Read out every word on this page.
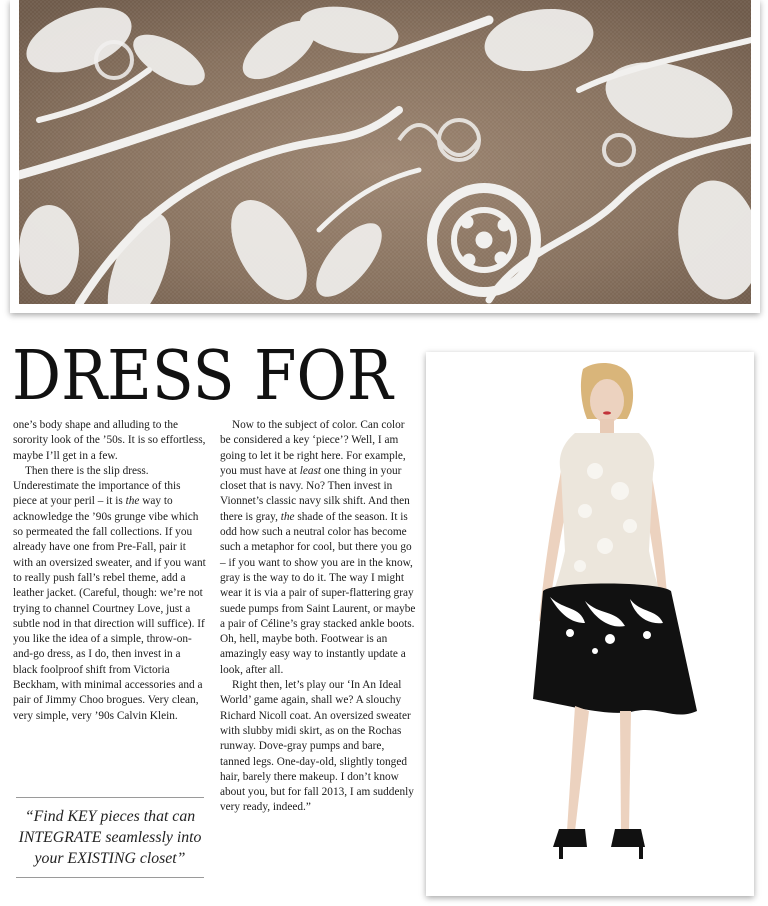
DRESS FOR

one’s body shape and alluding to the sorority look of the ’50s. It is so effortless, maybe I’ll get in a few.

Then there is the slip dress. Underestimate the importance of this piece at your peril – it is the way to acknowledge the ’90s grunge vibe which so permeated the fall collections. If you already have one from Pre-Fall, pair it with an oversized sweater, and if you want to really push fall’s rebel theme, add a leather jacket. (Careful, though: we’re not trying to channel Courtney Love, just a subtle nod in that direction will suffice). If you like the idea of a simple, throw-on-and-go dress, as I do, then invest in a black foolproof shift from Victoria Beckham, with minimal accessories and a pair of Jimmy Choo brogues. Very clean, very simple, very ’90s Calvin Klein.

“Find KEY pieces that can INTEGRATE seamlessly into your EXISTING closet”

Now to the subject of color. Can color be considered a key ‘piece’? Well, I am going to let it be right here. For example, you must have at least one thing in your closet that is navy. No? Then invest in Vionnet’s classic navy silk shift. And then there is gray, the shade of the season. It is odd how such a neutral color has become such a metaphor for cool, but there you go – if you want to show you are in the know, gray is the way to do it. The way I might wear it is via a pair of super-flattering gray suede pumps from Saint Laurent, or maybe a pair of Céline’s gray stacked ankle boots. Oh, hell, maybe both. Footwear is an amazingly easy way to instantly update a look, after all.

Right then, let’s play our ‘In An Ideal World’ game again, shall we? A slouchy Richard Nicoll coat. An oversized sweater with slubby midi skirt, as on the Rochas runway. Dove-gray pumps and bare, tanned legs. One-day-old, slightly tonged hair, barely there makeup. I don’t know about you, but for fall 2013, I am suddenly very ready, indeed.”
